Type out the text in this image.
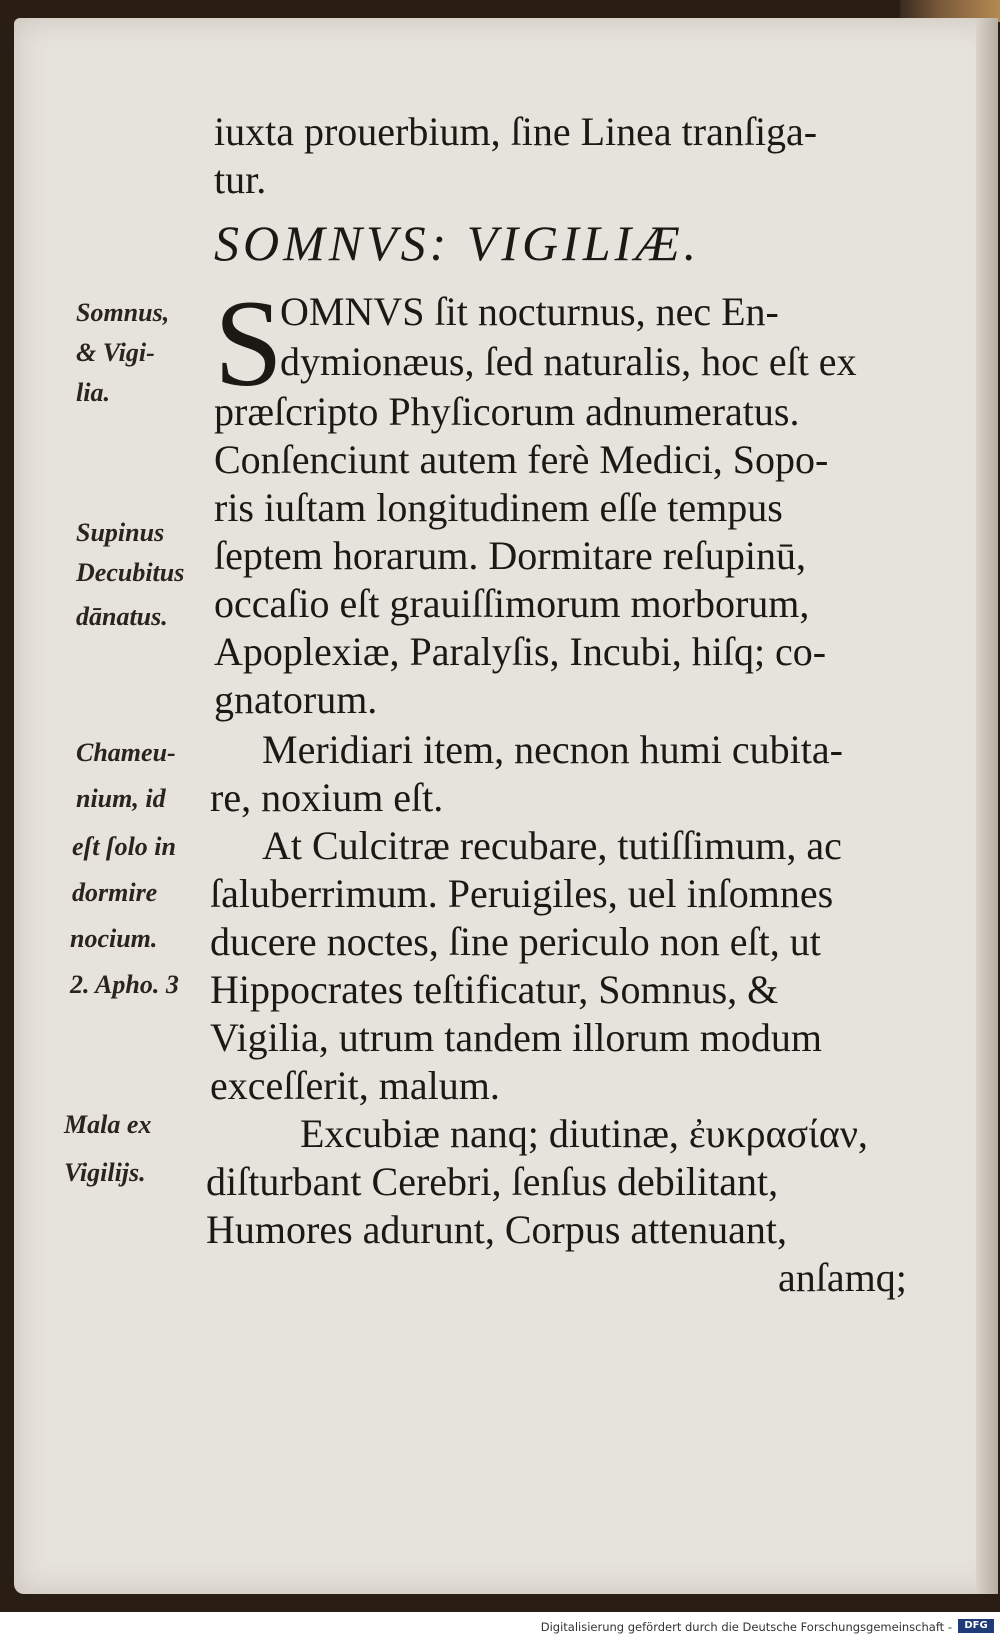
iuxta prouerbium, ſine Linea tranſiga-
tur.
SOMNVS: VIGILIÆ.
S
OMNVS ſit nocturnus, nec En-
dymionæus, ſed naturalis, hoc eſt ex
præſcripto Phyſicorum adnumeratus.
Conſenciunt autem ferè Medici, Sopo-
ris iuſtam longitudinem eſſe tempus
ſeptem horarum. Dormitare reſupinū,
occaſio eſt grauiſſimorum morborum,
Apoplexiæ, Paralyſis, Incubi, hiſq; co-
gnatorum.
Meridiari item, necnon humi cubita-
re, noxium eſt.
At Culcitræ recubare, tutiſſimum, ac
ſaluberrimum. Peruigiles, uel inſomnes
ducere noctes, ſine periculo non eſt, ut
Hippocrates teſtificatur, Somnus, &
Vigilia, utrum tandem illorum modum
exceſſerit, malum.
Excubiæ nanq; diutinæ, ἐυκρασίαν,
diſturbant Cerebri, ſenſus debilitant,
Humores adurunt, Corpus attenuant,
anſamq;
Somnus,
& Vigi-
lia.
Supinus
Decubitus
dānatus.
Chameu-
nium, id
eſt ſolo in
dormire
nocium.
2. Apho. 3
Mala ex
Vigilijs.
Digitalisierung gefördert durch die Deutsche Forschungsgemeinschaft -	DFG
